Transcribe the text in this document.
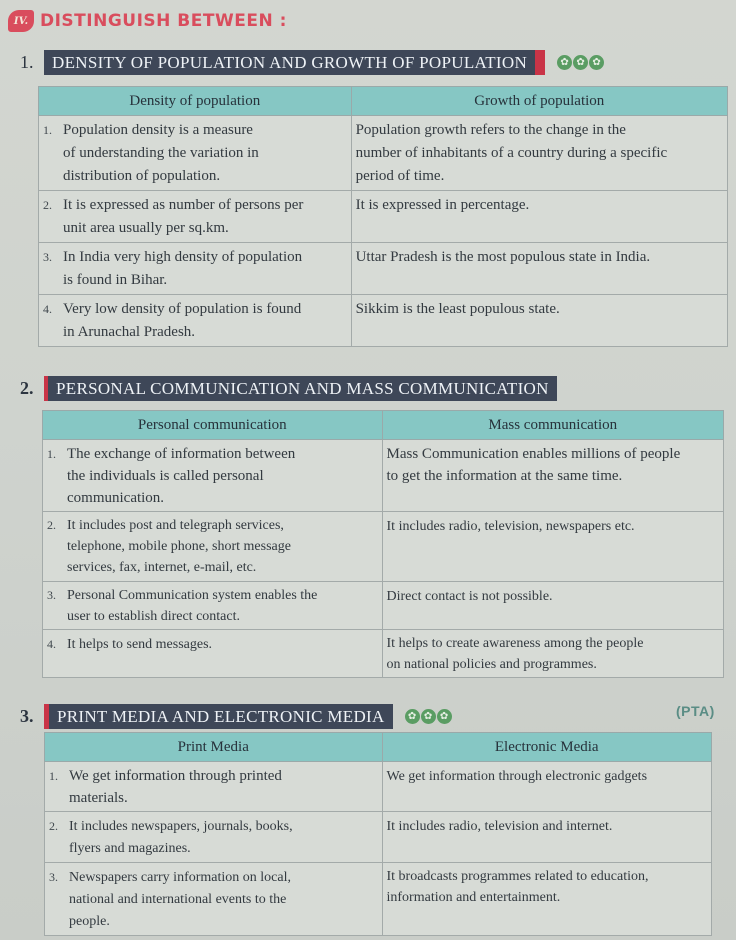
IV. DISTINGUISH BETWEEN :
1.	DENSITY OF POPULATION AND GROWTH OF POPULATION	✿ ✿ ✿
Density of population	Growth of population
1. Population density is a measure
of understanding the variation in
distribution of population.	Population growth refers to the change in the
number of inhabitants of a country during a specific
period of time.

2. It is expressed as number of persons per
unit area usually per sq.km.	It is expressed in percentage.
3. In India very high density of population
is found in Bihar.	Uttar Pradesh is the most populous state in India.
4. Very low density of population is found
in Arunachal Pradesh.	Sikkim is the least populous state.
2.	PERSONAL COMMUNICATION AND MASS COMMUNICATION
Personal communication	Mass communication
1. The exchange of information between
the individuals is called personal
communication.	Mass Communication enables millions of people
to get the information at the same time.

2. It includes post and telegraph services,
telephone, mobile phone, short message
services, fax, internet, e-mail, etc.	It includes radio, television, newspapers etc.
3. Personal Communication system enables the
user to establish direct contact.	Direct contact is not possible.
4. It helps to send messages.	It helps to create awareness among the people
on national policies and programmes.
3.	PRINT MEDIA AND ELECTRONIC MEDIA	✿ ✿ ✿	(PTA)
Print Media	Electronic Media
1. We get information through printed
materials.	We get information through electronic gadgets
2. It includes newspapers, journals, books,
flyers and magazines.	It includes radio, television and internet.
3. Newspapers carry information on local,
national and international events to the
people.	It broadcasts programmes related to education,
information and entertainment.
